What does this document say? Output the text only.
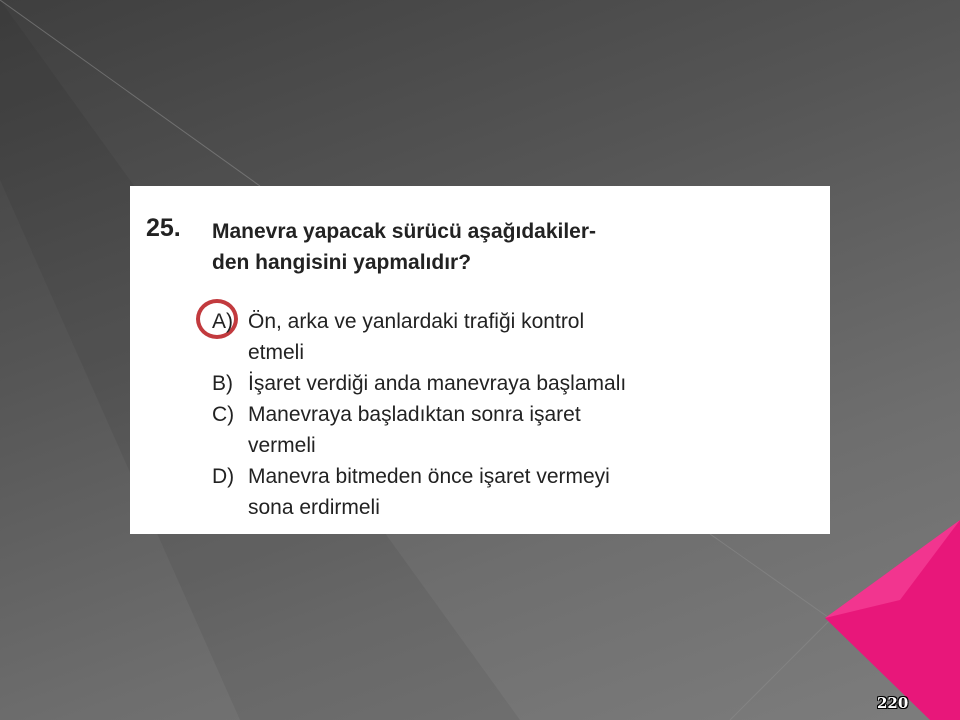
25. Manevra yapacak sürücü aşağıdakiler-
den hangisini yapmalıdır?
A) Ön, arka ve yanlardaki trafiği kontrol
etmeli
B) İşaret verdiği anda manevraya başlamalı
C) Manevraya başladıktan sonra işaret
vermeli
D) Manevra bitmeden önce işaret vermeyi
sona erdirmeli
220
